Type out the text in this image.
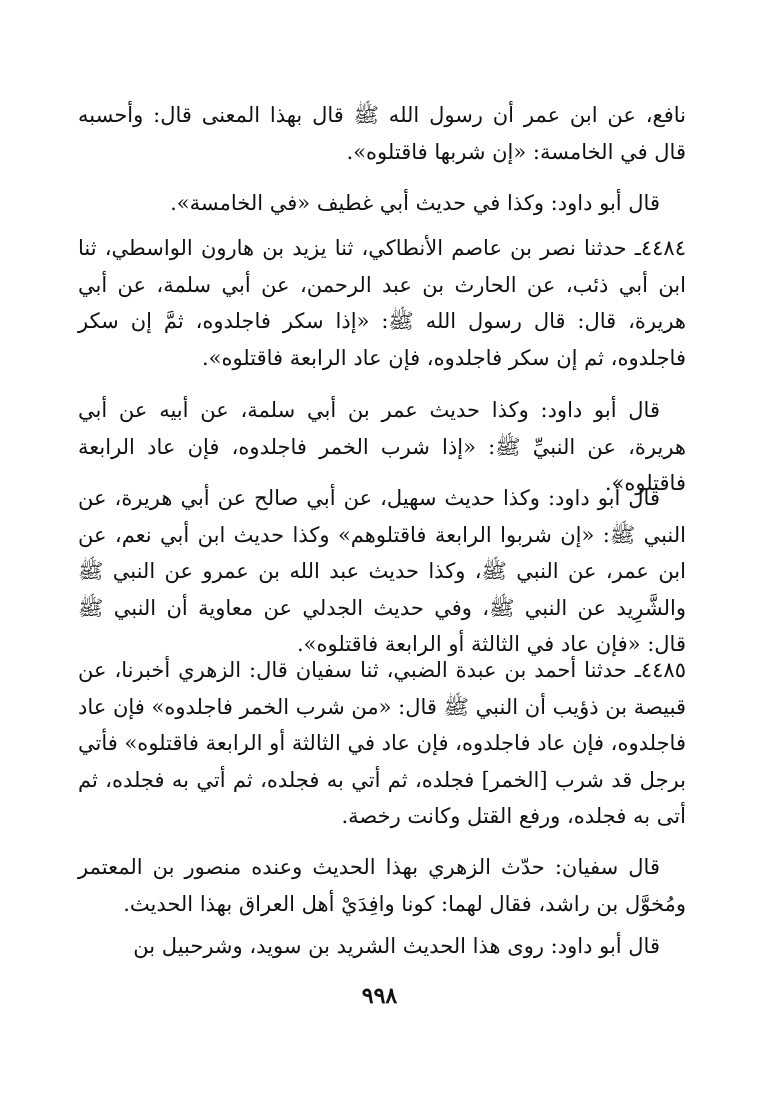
نافع، عن ابن عمر أن رسول الله ﷺ قال بهذا المعنى قال: وأحسبه قال في الخامسة: «إن شربها فاقتلوه».
قال أبو داود: وكذا في حديث أبي غطيف «في الخامسة».
٤٤٨٤ـ حدثنا نصر بن عاصم الأنطاكي، ثنا يزيد بن هارون الواسطي، ثنا ابن أبي ذئب، عن الحارث بن عبد الرحمن، عن أبي سلمة، عن أبي هريرة، قال: قال رسول الله ﷺ: «إذا سكر فاجلدوه، ثمَّ إن سكر فاجلدوه، ثم إن سكر فاجلدوه، فإن عاد الرابعة فاقتلوه».
قال أبو داود: وكذا حديث عمر بن أبي سلمة، عن أبيه عن أبي هريرة، عن النبيِّ ﷺ: «إذا شرب الخمر فاجلدوه، فإن عاد الرابعة فاقتلوه».
قال أبو داود: وكذا حديث سهيل، عن أبي صالح عن أبي هريرة، عن النبي ﷺ: «إن شربوا الرابعة فاقتلوهم» وكذا حديث ابن أبي نعم، عن ابن عمر، عن النبي ﷺ، وكذا حديث عبد الله بن عمرو عن النبي ﷺ والشَّرِيد عن النبي ﷺ، وفي حديث الجدلي عن معاوية أن النبي ﷺ قال: «فإن عاد في الثالثة أو الرابعة فاقتلوه».
٤٤٨٥ـ حدثنا أحمد بن عبدة الضبي، ثنا سفيان قال: الزهري أخبرنا، عن قبيصة بن ذؤيب أن النبي ﷺ قال: «من شرب الخمر فاجلدوه» فإن عاد فاجلدوه، فإن عاد فاجلدوه، فإن عاد في الثالثة أو الرابعة فاقتلوه» فأتي برجل قد شرب [الخمر] فجلده، ثم أتي به فجلده، ثم أتي به فجلده، ثم أتى به فجلده، ورفع القتل وكانت رخصة.
قال سفيان: حدّث الزهري بهذا الحديث وعنده منصور بن المعتمر ومُخوَّل بن راشد، فقال لهما: كونا وافِدَيْ أهل العراق بهذا الحديث.
قال أبو داود: روى هذا الحديث الشريد بن سويد، وشرحبيل بن
٩٩٨
